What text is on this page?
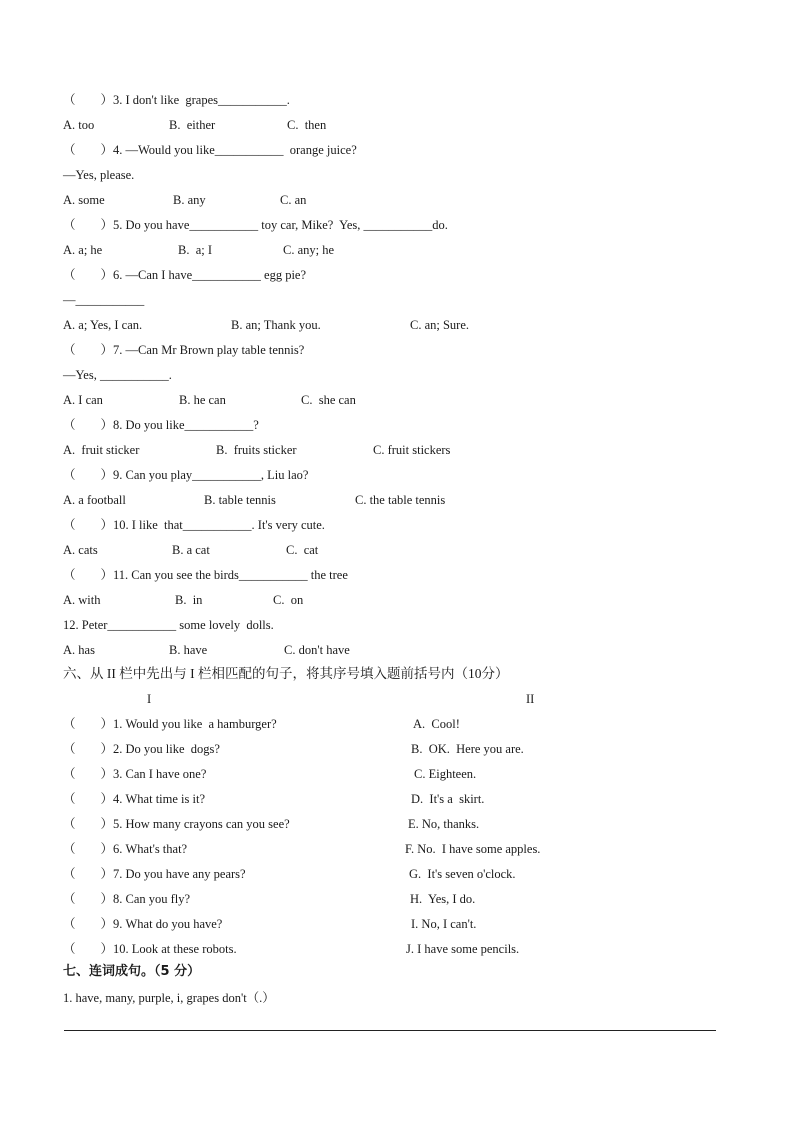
（　　）3. I don't like  grapes___________.
A. too	B.  either	C.  then
（　　）4. —Would you like___________  orange juice?
—Yes, please.
A. some	B. any	C. an
（　　）5. Do you have___________ toy car, Mike?  Yes, ___________do.
A. a; he	B.  a; I	C. any; he
（　　）6. —Can I have___________ egg pie?
—___________
A. a; Yes, I can.	B. an; Thank you.	C. an; Sure.
（　　）7. —Can Mr Brown play table tennis?
—Yes, ___________.
A. I can	B. he can	C.  she can
（　　）8. Do you like___________?
A.  fruit sticker	B.  fruits sticker	C. fruit stickers
（　　）9. Can you play___________, Liu lao?
A. a football	B. table tennis	C. the table tennis
（　　）10. I like  that___________. It's very cute.
A. cats	B. a cat	C.  cat
（　　）11. Can you see the birds___________ the tree
A. with	B.  in	C.  on
12. Peter___________ some lovely  dolls.
A. has	B. have	C. don't have
六、从 II 栏中先出与 I 栏相匹配的句子，将其序号填入题前括号内（10分）
I	II
（　　）1. Would you like  a hamburger?	A.  Cool!
（　　）2. Do you like  dogs?	B.  OK.  Here you are.
（　　）3. Can I have one?	C. Eighteen.
（　　）4. What time is it?	D.  It's a  skirt.
（　　）5. How many crayons can you see?	E. No, thanks.
（　　）6. What's that?	F. No.  I have some apples.
（　　）7. Do you have any pears?	G.  It's seven o'clock.
（　　）8. Can you fly?	H.  Yes, I do.
（　　）9. What do you have?	I. No, I can't.
（　　）10. Look at these robots.	J. I have some pencils.
七、连词成句。（5 分）
1. have, many, purple, i, grapes don't（.）
